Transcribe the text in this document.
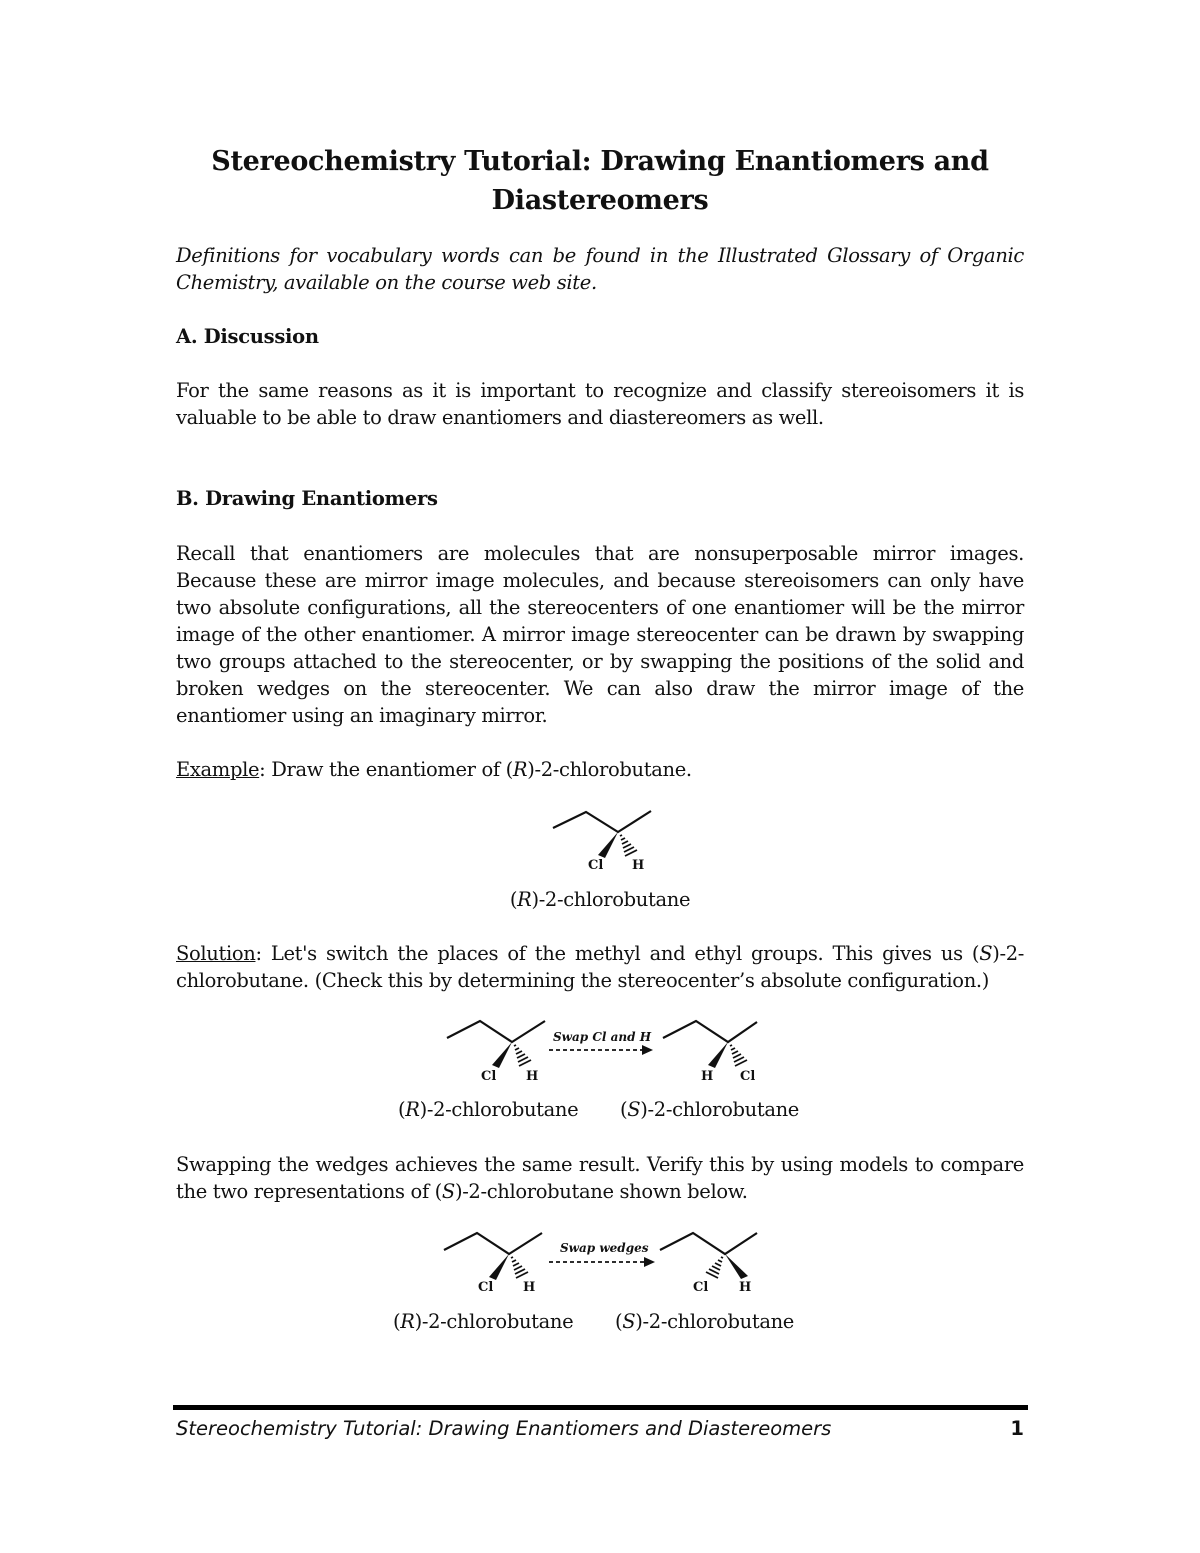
Stereochemistry Tutorial: Drawing Enantiomers and
Diastereomers

Definitions for vocabulary words can be found in the Illustrated Glossary of Organic Chemistry, available on the course web site.

A. Discussion

For the same reasons as it is important to recognize and classify stereoisomers it is valuable to be able to draw enantiomers and diastereomers as well.

B. Drawing Enantiomers

Recall that enantiomers are molecules that are nonsuperposable mirror images. Because these are mirror image molecules, and because stereoisomers can only have two absolute configurations, all the stereocenters of one enantiomer will be the mirror image of the other enantiomer. A mirror image stereocenter can be drawn by swapping two groups attached to the stereocenter, or by swapping the positions of the solid and broken wedges on the stereocenter. We can also draw the mirror image of the enantiomer using an imaginary mirror.

Example: Draw the enantiomer of (R)-2-chlorobutane.

Cl H

(R)-2-chlorobutane

Solution: Let's switch the places of the methyl and ethyl groups. This gives us (S)-2-chlorobutane. (Check this by determining the stereocenter’s absolute configuration.)

Cl H
Swap Cl and H
H Cl

(R)-2-chlorobutane (S)-2-chlorobutane

Swapping the wedges achieves the same result. Verify this by using models to compare the two representations of (S)-2-chlorobutane shown below.

Cl H
Swap wedges
Cl H

(R)-2-chlorobutane (S)-2-chlorobutane

Stereochemistry Tutorial: Drawing Enantiomers and Diastereomers	1
